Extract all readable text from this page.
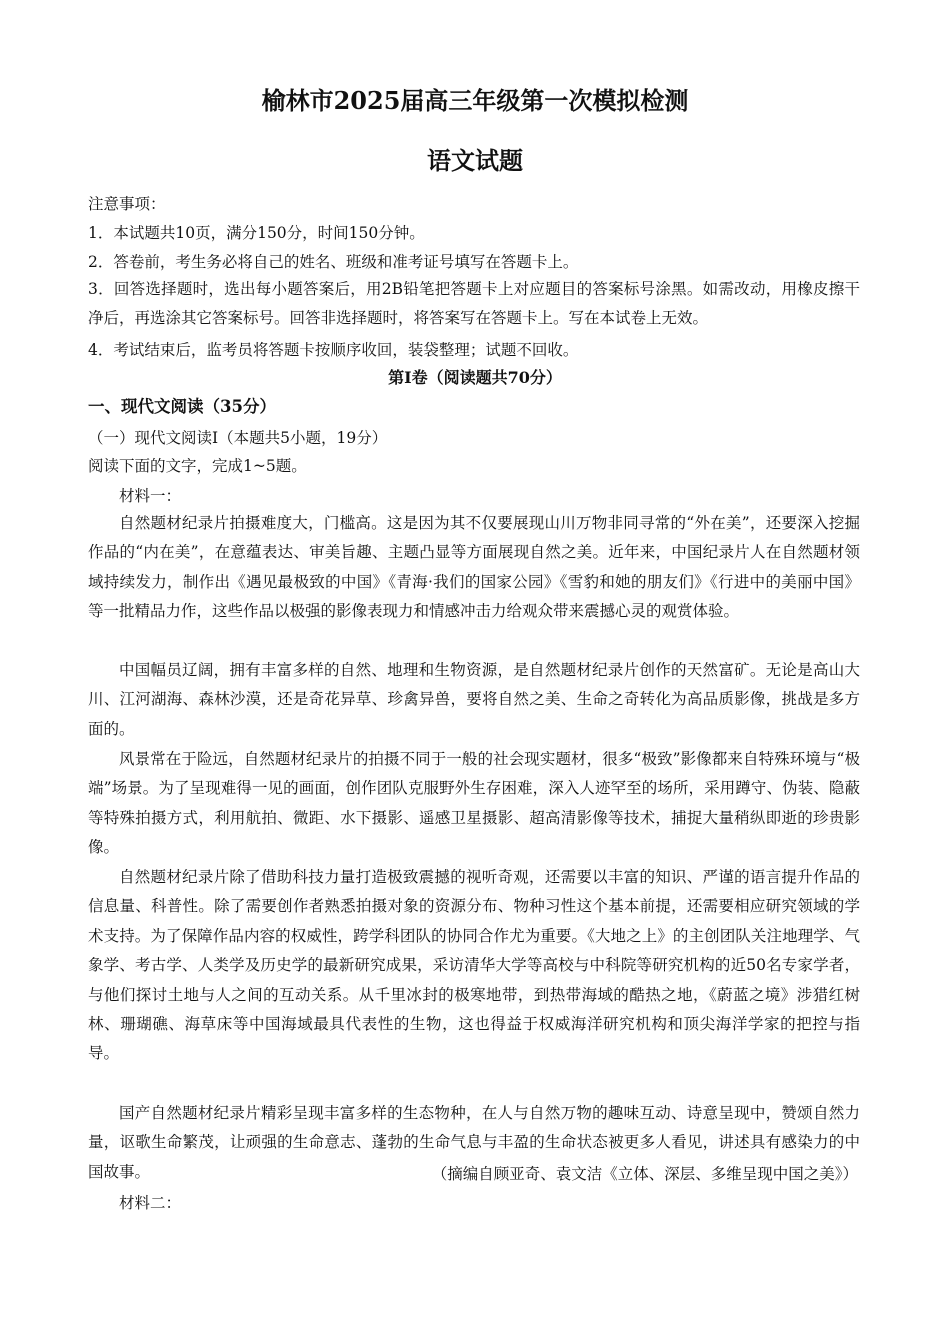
榆林市2025届高三年级第一次模拟检测
语文试题

注意事项：

1．本试题共10页，满分150分，时间150分钟。

2．答卷前，考生务必将自己的姓名、班级和准考证号填写在答题卡上。

3．回答选择题时，选出每小题答案后，用2B铅笔把答题卡上对应题目的答案标号涂黑。如需改动，用橡皮擦干净后，再选涂其它答案标号。回答非选择题时，将答案写在答题卡上。写在本试卷上无效。

4．考试结束后，监考员将答题卡按顺序收回，装袋整理；试题不回收。

第Ⅰ卷（阅读题共70分）

一、现代文阅读（35分）

（一）现代文阅读Ⅰ（本题共5小题，19分）

阅读下面的文字，完成1~5题。

材料一：

自然题材纪录片拍摄难度大，门槛高。这是因为其不仅要展现山川万物非同寻常的“外在美”，还要深入挖掘作品的“内在美”，在意蕴表达、审美旨趣、主题凸显等方面展现自然之美。近年来，中国纪录片人在自然题材领域持续发力，制作出《遇见最极致的中国》《青海·我们的国家公园》《雪豹和她的朋友们》《行进中的美丽中国》等一批精品力作，这些作品以极强的影像表现力和情感冲击力给观众带来震撼心灵的观赏体验。

中国幅员辽阔，拥有丰富多样的自然、地理和生物资源，是自然题材纪录片创作的天然富矿。无论是高山大川、江河湖海、森林沙漠，还是奇花异草、珍禽异兽，要将自然之美、生命之奇转化为高品质影像，挑战是多方面的。

风景常在于险远，自然题材纪录片的拍摄不同于一般的社会现实题材，很多“极致”影像都来自特殊环境与“极端”场景。为了呈现难得一见的画面，创作团队克服野外生存困难，深入人迹罕至的场所，采用蹲守、伪装、隐蔽等特殊拍摄方式，利用航拍、微距、水下摄影、遥感卫星摄影、超高清影像等技术，捕捉大量稍纵即逝的珍贵影像。

自然题材纪录片除了借助科技力量打造极致震撼的视听奇观，还需要以丰富的知识、严谨的语言提升作品的信息量、科普性。除了需要创作者熟悉拍摄对象的资源分布、物种习性这个基本前提，还需要相应研究领域的学术支持。为了保障作品内容的权威性，跨学科团队的协同合作尤为重要。《大地之上》的主创团队关注地理学、气象学、考古学、人类学及历史学的最新研究成果，采访清华大学等高校与中科院等研究机构的近50名专家学者，与他们探讨土地与人之间的互动关系。从千里冰封的极寒地带，到热带海域的酷热之地，《蔚蓝之境》涉猎红树林、珊瑚礁、海草床等中国海域最具代表性的生物，这也得益于权威海洋研究机构和顶尖海洋学家的把控与指导。

国产自然题材纪录片精彩呈现丰富多样的生态物种，在人与自然万物的趣味互动、诗意呈现中，赞颂自然力量，讴歌生命繁茂，让顽强的生命意志、蓬勃的生命气息与丰盈的生命状态被更多人看见，讲述具有感染力的中国故事。	（摘编自顾亚奇、袁文洁《立体、深层、多维呈现中国之美》）

材料二：
